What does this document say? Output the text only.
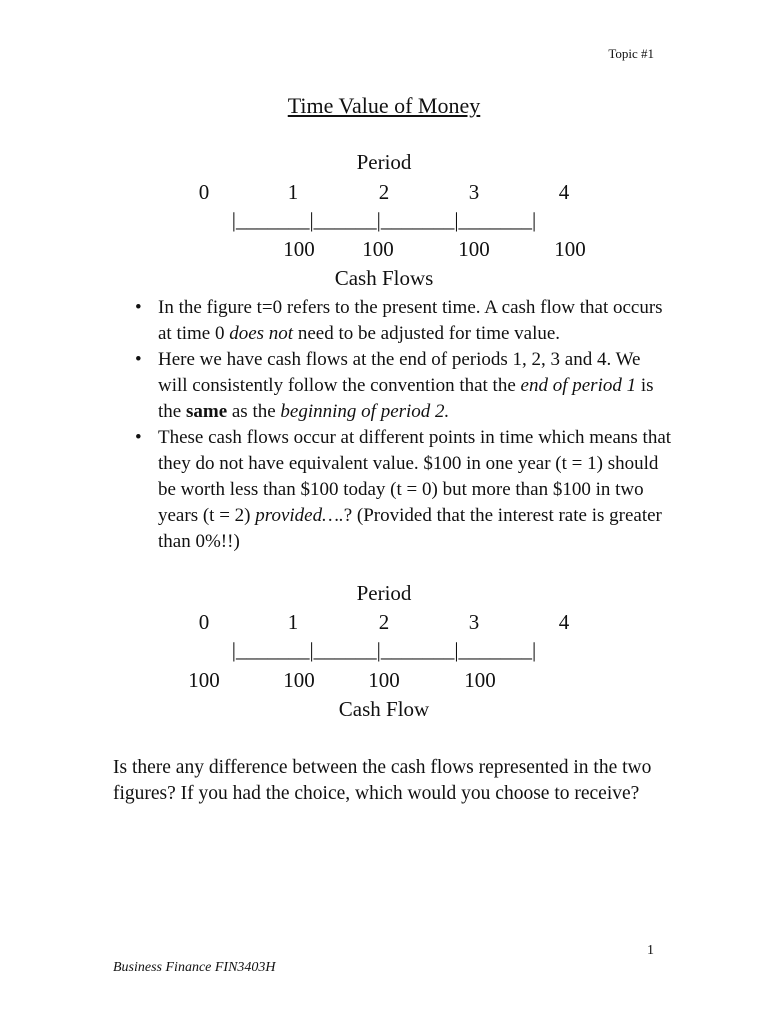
Topic #1
Time Value of Money
Period
0	1	2	3	4
|_______|______|_______|_______|
100 100	100	100
Cash Flows
• In the figure t=0 refers to the present time. A cash flow that occurs at time 0 does not need to be adjusted for time value.
• Here we have cash flows at the end of periods 1, 2, 3 and 4. We will consistently follow the convention that the end of period 1 is the same as the beginning of period 2.
• These cash flows occur at different points in time which means that they do not have equivalent value. $100 in one year (t = 1) should be worth less than $100 today (t = 0) but more than $100 in two years (t = 2) provided….? (Provided that the interest rate is greater than 0%!!)
Period
0	1	2	3	4
|_______|______|_______|_______|
100	100	100	100
Cash Flow
Is there any difference between the cash flows represented in the two figures? If you had the choice, which would you choose to receive?
1
Business Finance FIN3403H
